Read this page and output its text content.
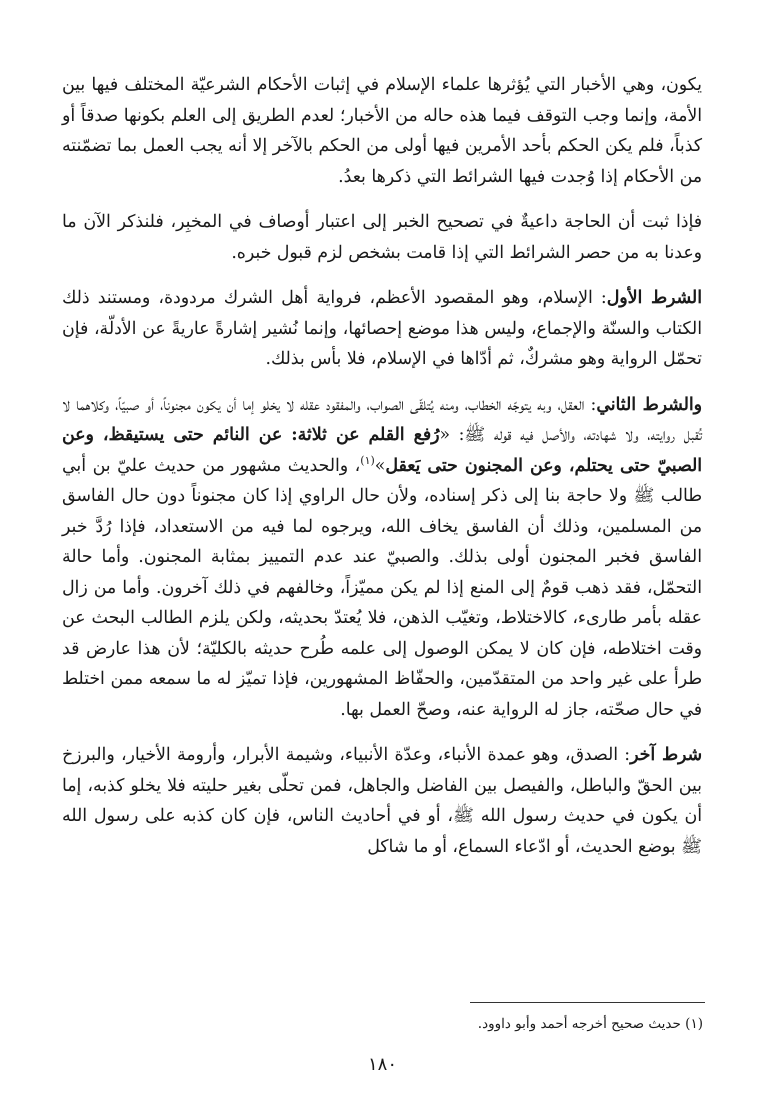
يكون، وهي الأخبار التي يُؤثرها علماء الإسلام في إثبات الأحكام الشرعيّة المختلف فيها بين الأمة، وإنما وجب التوقف فيما هذه حاله من الأخبار؛ لعدم الطريق إلى العلم بكونها صدقاً أو كذباً، فلم يكن الحكم بأحد الأمرين فيها أولى من الحكم بالآخر إلا أنه يجب العمل بما تضمّنته من الأحكام إذا وُجدت فيها الشرائط التي ذكرها بعدُ.

فإذا ثبت أن الحاجة داعيةٌ في تصحيح الخبر إلى اعتبار أوصاف في المخبِر، فلنذكر الآن ما وعدنا به من حصر الشرائط التي إذا قامت بشخص لزم قبول خبره.

الشرط الأول: الإسلام، وهو المقصود الأعظم، فرواية أهل الشرك مردودة، ومستند ذلك الكتاب والسنّة والإجماع، وليس هذا موضع إحصائها، وإنما نُشير إشارةً عاريةً عن الأدلّة، فإن تحمّل الرواية وهو مشركٌ، ثم أدّاها في الإسلام، فلا بأس بذلك.

والشرط الثاني: العقل، وبه يتوجّه الخطاب، ومنه يُتلقّى الصواب، والمفقود عقله لا يخلو إما أن يكون مجنوناً، أو صبيّاً، وكلاهما لا تُقبل روايته، ولا شهادته، والأصل فيه قوله ﷺ: «رُفع القلم عن ثلاثة: عن النائم حتى يستيقظ، وعن الصبيّ حتى يحتلم، وعن المجنون حتى يَعقل»$^{(١)}$، والحديث مشهور من حديث عليّ بن أبي طالب ﷺ ولا حاجة بنا إلى ذكر إسناده، ولأن حال الراوي إذا كان مجنوناً دون حال الفاسق من المسلمين، وذلك أن الفاسق يخاف الله، ويرجوه لما فيه من الاستعداد، فإذا رُدَّ خبر الفاسق فخبر المجنون أولى بذلك. والصبيّ عند عدم التمييز بمثابة المجنون. وأما حالة التحمّل، فقد ذهب قومٌ إلى المنع إذا لم يكن مميّزاً، وخالفهم في ذلك آخرون. وأما من زال عقله بأمر طارىء، كالاختلاط، وتغيّب الذهن، فلا يُعتدّ بحديثه، ولكن يلزم الطالب البحث عن وقت اختلاطه، فإن كان لا يمكن الوصول إلى علمه طُرح حديثه بالكليّة؛ لأن هذا عارض قد طرأ على غير واحد من المتقدّمين، والحفّاظ المشهورين، فإذا تميّز له ما سمعه ممن اختلط في حال صحّته، جاز له الرواية عنه، وصحّ العمل بها.

شرط آخر: الصدق، وهو عمدة الأنباء، وعدّة الأنبياء، وشيمة الأبرار، وأرومة الأخيار، والبرزخ بين الحقّ والباطل، والفيصل بين الفاضل والجاهل، فمن تحلّى بغير حليته فلا يخلو كذبه، إما أن يكون في حديث رسول الله ﷺ، أو في أحاديث الناس، فإن كان كذبه على رسول الله ﷺ بوضع الحديث، أو ادّعاء السماع، أو ما شاكل

(١) حديث صحيح أخرجه أحمد وأبو داوود.
١٨٠
